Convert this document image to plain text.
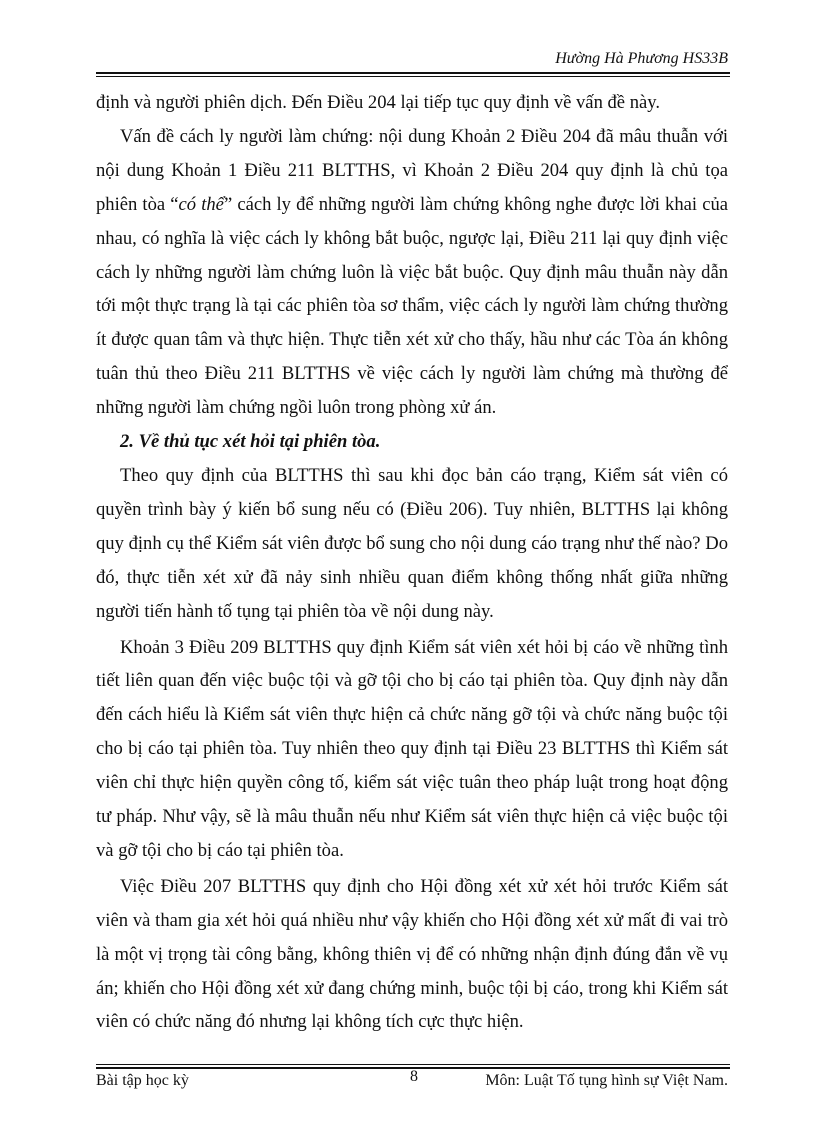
Hường Hà Phương HS33B

định và người phiên dịch. Đến Điều 204 lại tiếp tục quy định về vấn đề này.

Vấn đề cách ly người làm chứng: nội dung Khoản 2 Điều 204 đã mâu thuẫn với nội dung Khoản 1 Điều 211 BLTTHS, vì Khoản 2 Điều 204 quy định là chủ tọa phiên tòa “có thể” cách ly để những người làm chứng không nghe được lời khai của nhau, có nghĩa là việc cách ly không bắt buộc, ngược lại, Điều 211 lại quy định việc cách ly những người làm chứng luôn là việc bắt buộc. Quy định mâu thuẫn này dẫn tới một thực trạng là tại các phiên tòa sơ thẩm, việc cách ly người làm chứng thường ít được quan tâm và thực hiện. Thực tiễn xét xử cho thấy, hầu như các Tòa án không tuân thủ theo Điều 211 BLTTHS về việc cách ly người làm chứng mà thường để những người làm chứng ngồi luôn trong phòng xử án.

2. Về thủ tục xét hỏi tại phiên tòa.

Theo quy định của BLTTHS thì sau khi đọc bản cáo trạng, Kiểm sát viên có quyền trình bày ý kiến bổ sung nếu có (Điều 206). Tuy nhiên, BLTTHS lại không quy định cụ thể Kiểm sát viên được bổ sung cho nội dung cáo trạng như thế nào? Do đó, thực tiễn xét xử đã nảy sinh nhiều quan điểm không thống nhất giữa những người tiến hành tố tụng tại phiên tòa về nội dung này.

Khoản 3 Điều 209 BLTTHS quy định Kiểm sát viên xét hỏi bị cáo về những tình tiết liên quan đến việc buộc tội và gỡ tội cho bị cáo tại phiên tòa. Quy định này dẫn đến cách hiểu là Kiểm sát viên thực hiện cả chức năng gỡ tội và chức năng buộc tội cho bị cáo tại phiên tòa. Tuy nhiên theo quy định tại Điều 23 BLTTHS thì Kiểm sát viên chỉ thực hiện quyền công tố, kiểm sát việc tuân theo pháp luật trong hoạt động tư pháp. Như vậy, sẽ là mâu thuẫn nếu như Kiểm sát viên thực hiện cả việc buộc tội và gỡ tội cho bị cáo tại phiên tòa.

Việc Điều 207 BLTTHS quy định cho Hội đồng xét xử xét hỏi trước Kiểm sát viên và tham gia xét hỏi quá nhiều như vậy khiến cho Hội đồng xét xử mất đi vai trò là một vị trọng tài công bằng, không thiên vị để có những nhận định đúng đắn về vụ án; khiến cho Hội đồng xét xử đang chứng minh, buộc tội bị cáo, trong khi Kiểm sát viên có chức năng đó nhưng lại không tích cực thực hiện.

Bài tập học kỳ	8	Môn: Luật Tố tụng hình sự Việt Nam.
